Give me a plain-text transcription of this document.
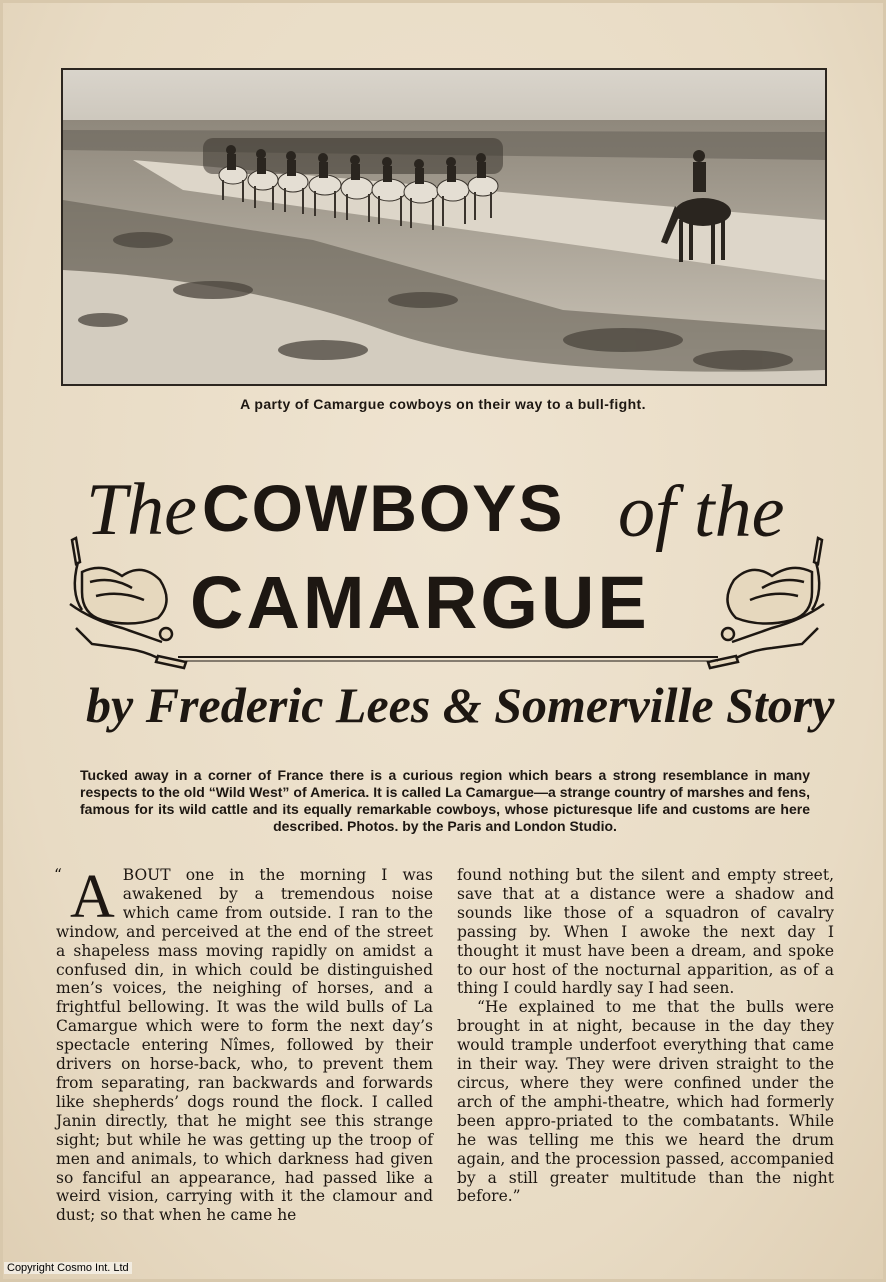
A party of Camargue cowboys on their way to a bull-fight.
The COWBOYS of the
CAMARGUE
by Frederic Lees & Somerville Story
Tucked away in a corner of France there is a curious region which bears a strong resemblance in many respects to the old “Wild West” of America. It is called La Camargue—a strange country of marshes and fens, famous for its wild cattle and its equally remarkable cowboys, whose picturesque life and customs are here described. Photos. by the Paris and London Studio.
“ A BOUT one in the morning I was awakened by a tremendous noise which came from outside. I ran to the window, and perceived at the end of the street a shapeless mass moving rapidly on amidst a confused din, in which could be distinguished men’s voices, the neighing of horses, and a frightful bellowing. It was the wild bulls of La Camargue which were to form the next day’s spectacle entering Nîmes, followed by their drivers on horse-back, who, to prevent them from separating, ran backwards and forwards like shepherds’ dogs round the flock. I called Janin directly, that he might see this strange sight; but while he was getting up the troop of men and animals, to which darkness had given so fanciful an appearance, had passed like a weird vision, carrying with it the clamour and dust; so that when he came he

found nothing but the silent and empty street, save that at a distance were a shadow and sounds like those of a squadron of cavalry passing by. When I awoke the next day I thought it must have been a dream, and spoke to our host of the nocturnal apparition, as of a thing I could hardly say I had seen.

“He explained to me that the bulls were brought in at night, because in the day they would trample underfoot everything that came in their way. They were driven straight to the circus, where they were confined under the arch of the amphi-theatre, which had formerly been appro-priated to the combatants. While he was telling me this we heard the drum again, and the procession passed, accompanied by a still greater multitude than the night before.”

Copyright Cosmo Int. Ltd
